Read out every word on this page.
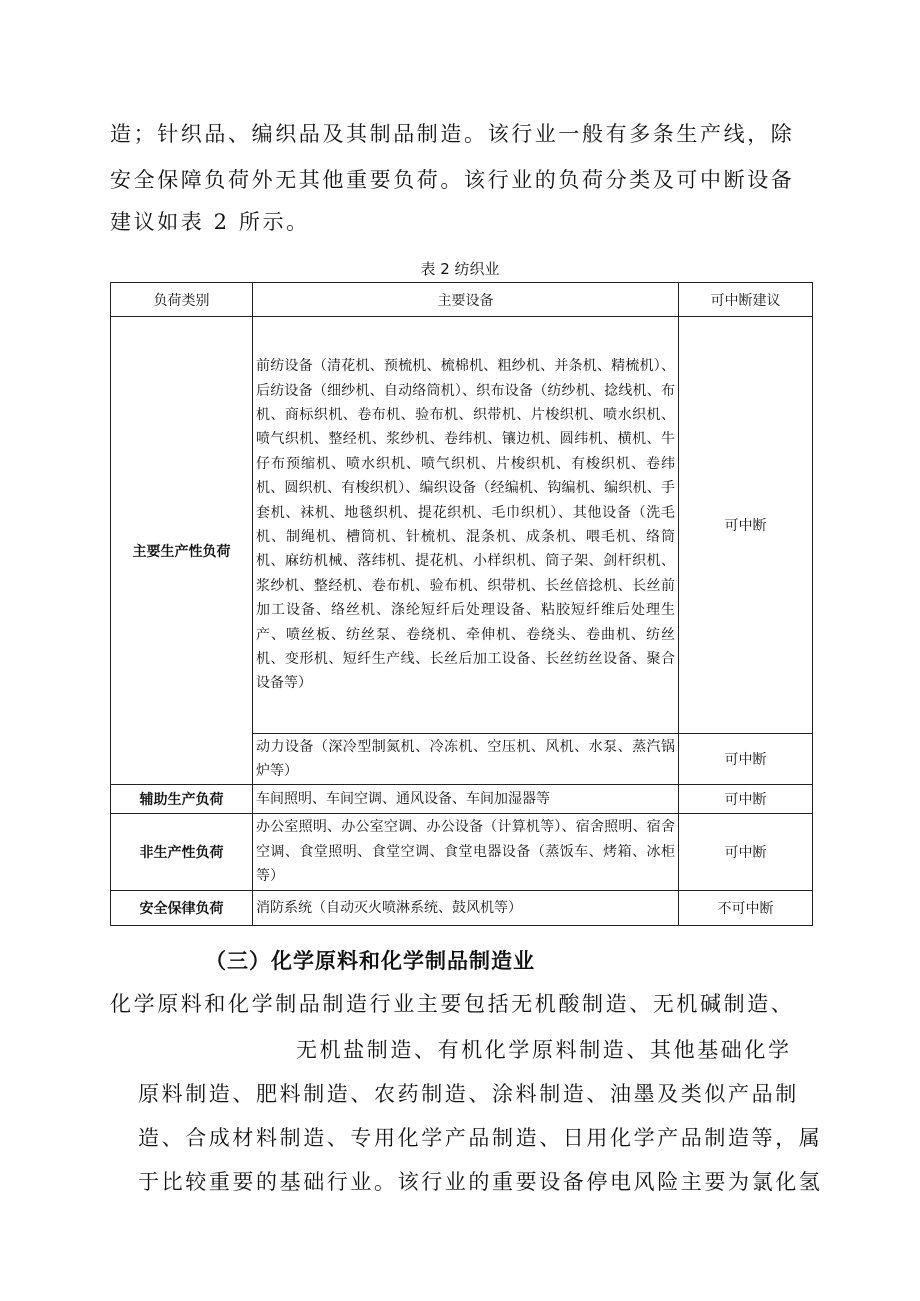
造；针织品、编织品及其制品制造。该行业一般有多条生产线，除

安全保障负荷外无其他重要负荷。该行业的负荷分类及可中断设备

建议如表 2 所示。

表 2 纺织业
负荷类别	主要设备	可中断建议
主要生产性负荷	前纺设备（清花机、预梳机、梳棉机、粗纱机、并条机、精梳机）、后纺设备（细纱机、自动络筒机）、织布设备（纺纱机、捻线机、布机、商标织机、卷布机、验布机、织带机、片梭织机、喷水织机、喷气织机、整经机、浆纱机、卷纬机、镶边机、圆纬机、横机、牛仔布预缩机、喷水织机、喷气织机、片梭织机、有梭织机、卷纬机、圆织机、有梭织机）、编织设备（经编机、钩编机、编织机、手套机、袜机、地毯织机、提花织机、毛巾织机）、其他设备（洗毛机、制绳机、槽筒机、针梳机、混条机、成条机、喂毛机、络筒机、麻纺机械、落纬机、提花机、小样织机、筒子架、剑杆织机、浆纱机、整经机、卷布机、验布机、织带机、长丝倍捻机、长丝前加工设备、络丝机、涤纶短纤后处理设备、粘胶短纤维后处理生产、喷丝板、纺丝泵、卷绕机、牵伸机、卷绕头、卷曲机、纺丝机、变形机、短纤生产线、长丝后加工设备、长丝纺丝设备、聚合设备等）	可中断
	动力设备（深冷型制氮机、冷冻机、空压机、风机、水泵、蒸汽锅炉等）	可中断
辅助生产负荷	车间照明、车间空调、通风设备、车间加湿器等	可中断
非生产性负荷	办公室照明、办公室空调、办公设备（计算机等）、宿舍照明、宿舍空调、食堂照明、食堂空调、食堂电器设备（蒸饭车、烤箱、冰柜等）	可中断
安全保律负荷	消防系统（自动灭火喷淋系统、鼓风机等）	不可中断
（三）化学原料和化学制品制造业

化学原料和化学制品制造行业主要包括无机酸制造、无机碱制造、

无机盐制造、有机化学原料制造、其他基础化学

原料制造、肥料制造、农药制造、涂料制造、油墨及类似产品制

造、合成材料制造、专用化学产品制造、日用化学产品制造等，属

于比较重要的基础行业。该行业的重要设备停电风险主要为氯化氢
